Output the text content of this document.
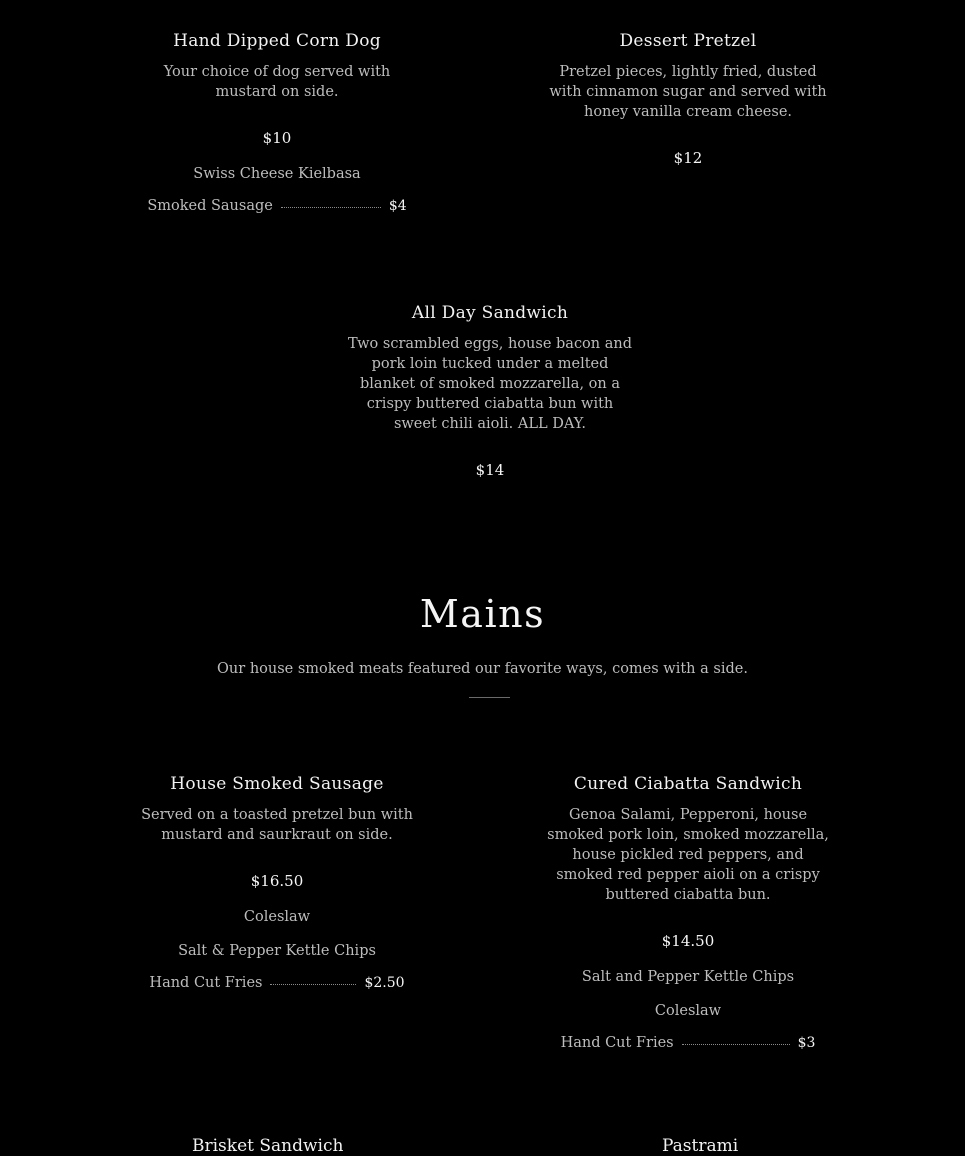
Hand Dipped Corn Dog
Your choice of dog served with
mustard on side.
$10
Swiss Cheese Kielbasa
Smoked Sausage	$4
Dessert Pretzel
Pretzel pieces, lightly fried, dusted
with cinnamon sugar and served with
honey vanilla cream cheese.
$12
All Day Sandwich
Two scrambled eggs, house bacon and
pork loin tucked under a melted
blanket of smoked mozzarella, on a
crispy buttered ciabatta bun with
sweet chili aioli. ALL DAY.
$14
Mains
Our house smoked meats featured our favorite ways, comes with a side.
House Smoked Sausage
Served on a toasted pretzel bun with
mustard and saurkraut on side.
$16.50
Coleslaw
Salt & Pepper Kettle Chips
Hand Cut Fries	$2.50
Cured Ciabatta Sandwich
Genoa Salami, Pepperoni, house
smoked pork loin, smoked mozzarella,
house pickled red peppers, and
smoked red pepper aioli on a crispy
buttered ciabatta bun.
$14.50
Salt and Pepper Kettle Chips
Coleslaw
Hand Cut Fries	$3
Brisket Sandwich	Pastrami
